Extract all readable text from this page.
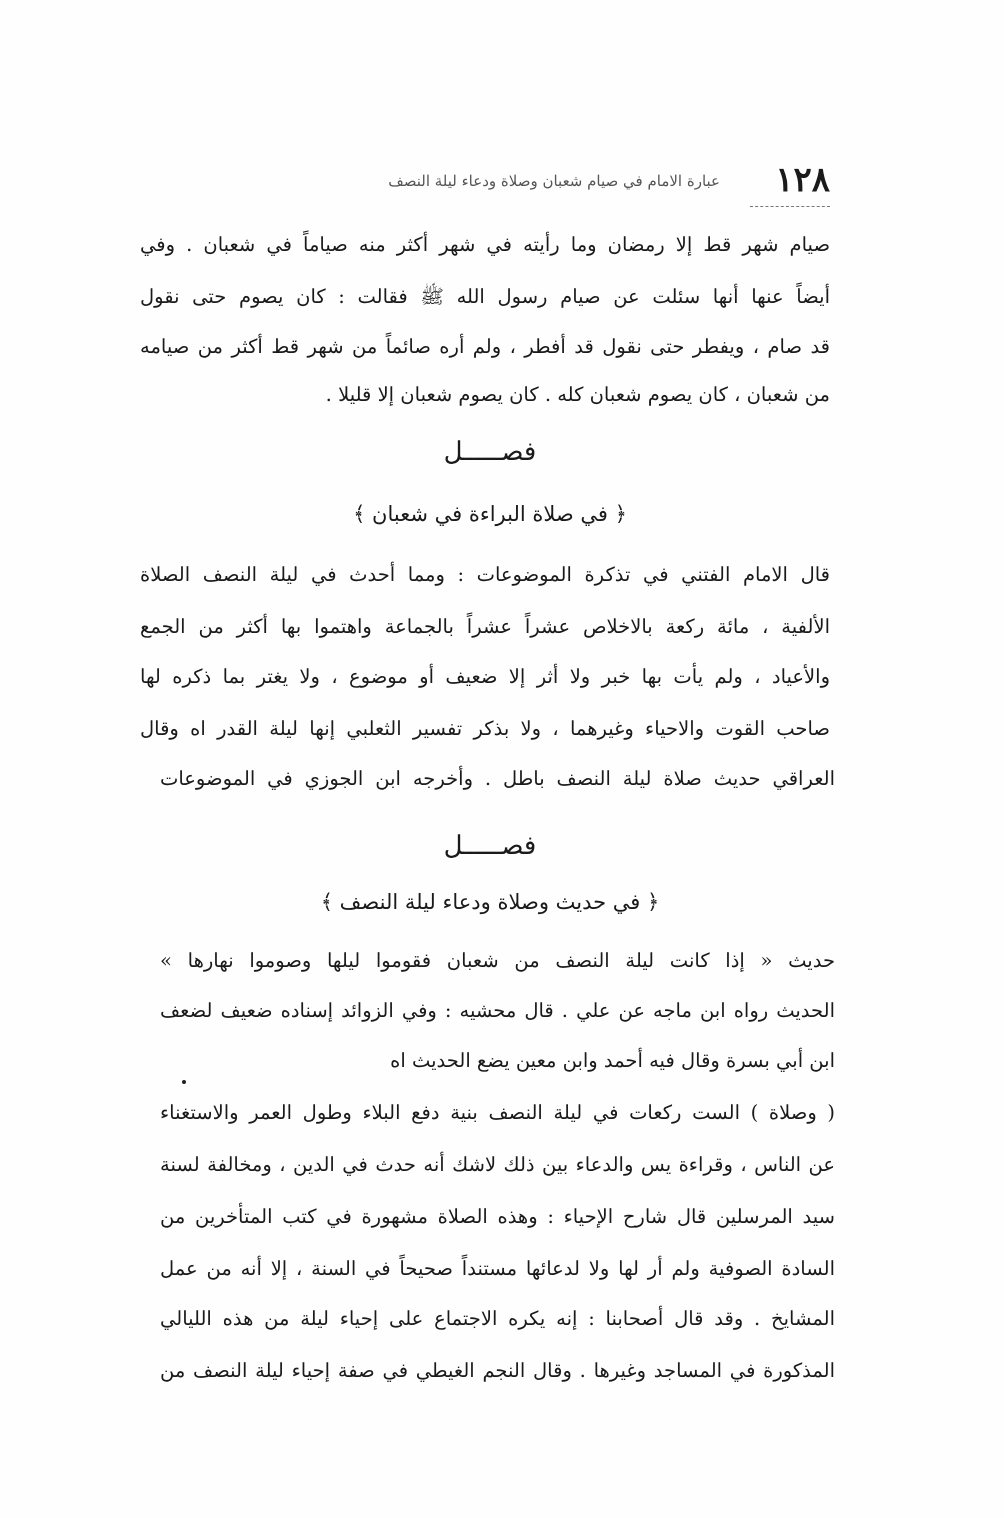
١٢٨
عبارة الامام في صيام شعبان وصلاة ودعاء ليلة النصف
صيام شهر قط إلا رمضان وما رأيته في شهر أكثر منه صياماً في شعبان . وفي
أيضاً عنها أنها سئلت عن صيام رسول الله ﷺ فقالت : كان يصوم حتى نقول
قد صام ، ويفطر حتى نقول قد أفطر ، ولم أره صائماً من شهر قط أكثر من صيامه
من شعبان ، كان يصوم شعبان كله . كان يصوم شعبان إلا قليلا .
فصـــــل
﴿ في صلاة البراءة في شعبان ﴾
قال الامام الفتني في تذكرة الموضوعات : ومما أحدث في ليلة النصف الصلاة
الألفية ، مائة ركعة بالاخلاص عشراً عشراً بالجماعة واهتموا بها أكثر من الجمع
والأعياد ، ولم يأت بها خبر ولا أثر إلا ضعيف أو موضوع ، ولا يغتر بما ذكره لها
صاحب القوت والاحياء وغيرهما ، ولا بذكر تفسير الثعلبي إنها ليلة القدر اه وقال
العراقي حديث صلاة ليلة النصف باطل . وأخرجه ابن الجوزي في الموضوعات
فصـــــل
﴿ في حديث وصلاة ودعاء ليلة النصف ﴾
حديث « إذا كانت ليلة النصف من شعبان فقوموا ليلها وصوموا نهارها »
الحديث رواه ابن ماجه عن علي . قال محشيه : وفي الزوائد إسناده ضعيف لضعف
ابن أبي بسرة وقال فيه أحمد وابن معين يضع الحديث اه
( وصلاة ) الست ركعات في ليلة النصف بنية دفع البلاء وطول العمر والاستغناء
عن الناس ، وقراءة يس والدعاء بين ذلك لاشك أنه حدث في الدين ، ومخالفة لسنة
سيد المرسلين قال شارح الإحياء : وهذه الصلاة مشهورة في كتب المتأخرين من
السادة الصوفية ولم أر لها ولا لدعائها مستنداً صحيحاً في السنة ، إلا أنه من عمل
المشايخ . وقد قال أصحابنا : إنه يكره الاجتماع على إحياء ليلة من هذه الليالي
المذكورة في المساجد وغيرها . وقال النجم الغيطي في صفة إحياء ليلة النصف من
